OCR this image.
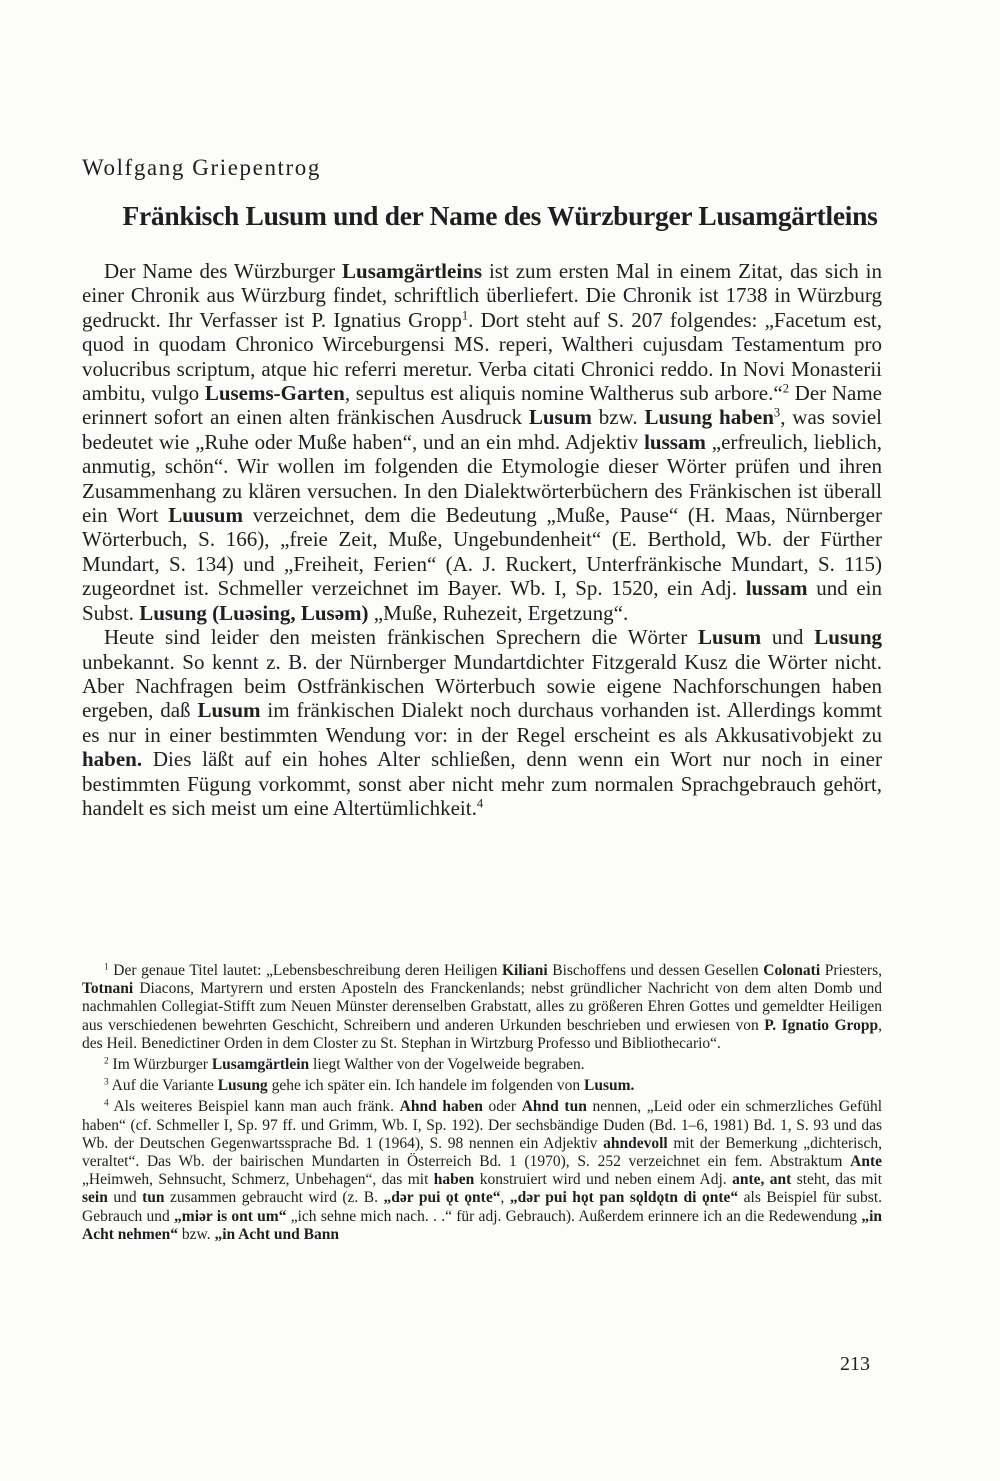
Wolfgang Griepentrog
Fränkisch Lusum und der Name des Würzburger Lusamgärtleins

Der Name des Würzburger Lusamgärtleins ist zum ersten Mal in einem Zitat, das sich in einer Chronik aus Würzburg findet, schriftlich überliefert. Die Chronik ist 1738 in Würzburg gedruckt. Ihr Verfasser ist P. Ignatius Gropp$^1$. Dort steht auf S. 207 folgendes: „Facetum est, quod in quodam Chronico Wirceburgensi MS. reperi, Waltheri cujusdam Testamentum pro volucribus scriptum, atque hic referri meretur. Verba citati Chronici reddo. In Novi Monasterii ambitu, vulgo Lusems-Garten, sepultus est aliquis nomine Waltherus sub arbore.“$^2$ Der Name erinnert sofort an einen alten fränkischen Ausdruck Lusum bzw. Lusung haben$^3$, was soviel bedeutet wie „Ruhe oder Muße haben“, und an ein mhd. Adjektiv lussam „erfreulich, lieblich, anmutig, schön“. Wir wollen im folgenden die Etymologie dieser Wörter prüfen und ihren Zusammenhang zu klären versuchen. In den Dialektwörterbüchern des Fränkischen ist überall ein Wort Luusum verzeichnet, dem die Bedeutung „Muße, Pause“ (H. Maas, Nürnberger Wörterbuch, S. 166), „freie Zeit, Muße, Ungebundenheit“ (E. Berthold, Wb. der Fürther Mundart, S. 134) und „Freiheit, Ferien“ (A. J. Ruckert, Unterfränkische Mundart, S. 115) zugeordnet ist. Schmeller verzeichnet im Bayer. Wb. I, Sp. 1520, ein Adj. lussam und ein Subst. Lusung (Luəsing, Lusəm) „Muße, Ruhezeit, Ergetzung“.

Heute sind leider den meisten fränkischen Sprechern die Wörter Lusum und Lusung unbekannt. So kennt z. B. der Nürnberger Mundartdichter Fitzgerald Kusz die Wörter nicht. Aber Nachfragen beim Ostfränkischen Wörterbuch sowie eigene Nachforschungen haben ergeben, daß Lusum im fränkischen Dialekt noch durchaus vorhanden ist. Allerdings kommt es nur in einer bestimmten Wendung vor: in der Regel erscheint es als Akkusativobjekt zu haben. Dies läßt auf ein hohes Alter schließen, denn wenn ein Wort nur noch in einer bestimmten Fügung vorkommt, sonst aber nicht mehr zum normalen Sprachgebrauch gehört, handelt es sich meist um eine Altertümlichkeit.$^4$

$^1$ Der genaue Titel lautet: „Lebensbeschreibung deren Heiligen Kiliani Bischoffens und dessen Gesellen Colonati Priesters, Totnani Diacons, Martyrern und ersten Aposteln des Franckenlands; nebst gründlicher Nachricht von dem alten Domb und nachmahlen Collegiat-Stifft zum Neuen Münster derenselben Grabstatt, alles zu größeren Ehren Gottes und gemeldter Heiligen aus verschiedenen bewehrten Geschicht, Schreibern und anderen Urkunden beschrieben und erwiesen von P. Ignatio Gropp, des Heil. Benedictiner Orden in dem Closter zu St. Stephan in Wirtzburg Professo und Bibliothecario“.

$^2$ Im Würzburger Lusamgärtlein liegt Walther von der Vogelweide begraben.

$^3$ Auf die Variante Lusung gehe ich später ein. Ich handele im folgenden von Lusum.

$^4$ Als weiteres Beispiel kann man auch fränk. Ahnd haben oder Ahnd tun nennen, „Leid oder ein schmerzliches Gefühl haben“ (cf. Schmeller I, Sp. 97 ff. und Grimm, Wb. I, Sp. 192). Der sechsbändige Duden (Bd. 1–6, 1981) Bd. 1, S. 93 und das Wb. der Deutschen Gegenwartssprache Bd. 1 (1964), S. 98 nennen ein Adjektiv ahndevoll mit der Bemerkung „dichterisch, veraltet“. Das Wb. der bairischen Mundarten in Österreich Bd. 1 (1970), S. 252 verzeichnet ein fem. Abstraktum Ante „Heimweh, Sehnsucht, Schmerz, Unbehagen“, das mit haben konstruiert wird und neben einem Adj. ante, ant steht, das mit sein und tun zusammen gebraucht wird (z. B. „dər pui ǫt ǫnte“, „dər pui hǫt pan sǫldǫtn di ǫnte“ als Beispiel für subst. Gebrauch und „miər is ont um“ „ich sehne mich nach. . .“ für adj. Gebrauch). Außerdem erinnere ich an die Redewendung „in Acht nehmen“ bzw. „in Acht und Bann

213
